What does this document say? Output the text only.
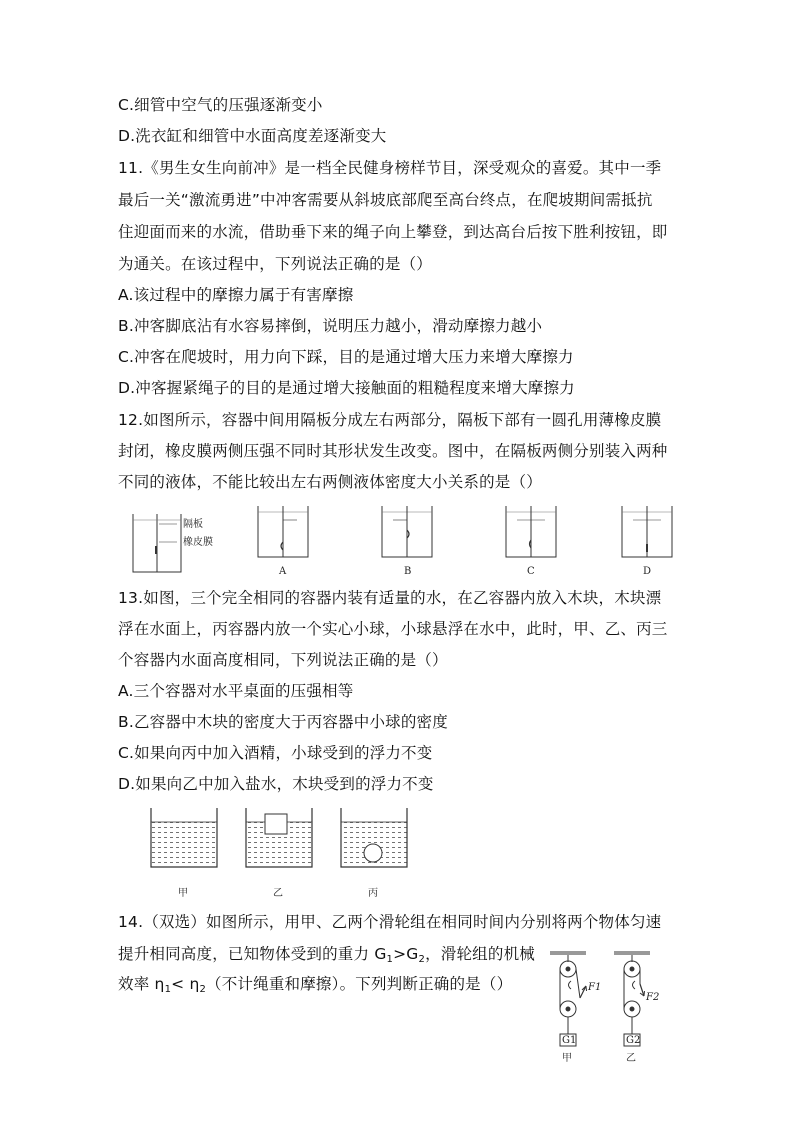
C.细管中空气的压强逐渐变小
D.洗衣缸和细管中水面高度差逐渐变大
11.《男生女生向前冲》是一档全民健身榜样节目，深受观众的喜爱。其中一季
最后一关“激流勇进”中冲客需要从斜坡底部爬至高台终点，在爬坡期间需抵抗
住迎面而来的水流，借助垂下来的绳子向上攀登，到达高台后按下胜利按钮，即
为通关。在该过程中，下列说法正确的是（）
A.该过程中的摩擦力属于有害摩擦
B.冲客脚底沾有水容易摔倒，说明压力越小，滑动摩擦力越小
C.冲客在爬坡时，用力向下踩，目的是通过增大压力来增大摩擦力
D.冲客握紧绳子的目的是通过增大接触面的粗糙程度来增大摩擦力
12.如图所示，容器中间用隔板分成左右两部分，隔板下部有一圆孔用薄橡皮膜
封闭，橡皮膜两侧压强不同时其形状发生改变。图中，在隔板两侧分别装入两种
不同的液体，不能比较出左右两侧液体密度大小关系的是（）
隔板
橡皮膜
A	B	C	D
13.如图，三个完全相同的容器内装有适量的水，在乙容器内放入木块，木块漂
浮在水面上，丙容器内放一个实心小球，小球悬浮在水中，此时，甲、乙、丙三
个容器内水面高度相同，下列说法正确的是（）
A.三个容器对水平桌面的压强相等
B.乙容器中木块的密度大于丙容器中小球的密度
C.如果向丙中加入酒精，小球受到的浮力不变
D.如果向乙中加入盐水，木块受到的浮力不变
甲	乙	丙
14.（双选）如图所示，用甲、乙两个滑轮组在相同时间内分别将两个物体匀速
提升相同高度，已知物体受到的重力 $G_1>G_2$，滑轮组的机械
效率 $\eta_1< \eta_2$（不计绳重和摩擦）。下列判断正确的是（）	F1
G1
甲
F2
G2
乙
